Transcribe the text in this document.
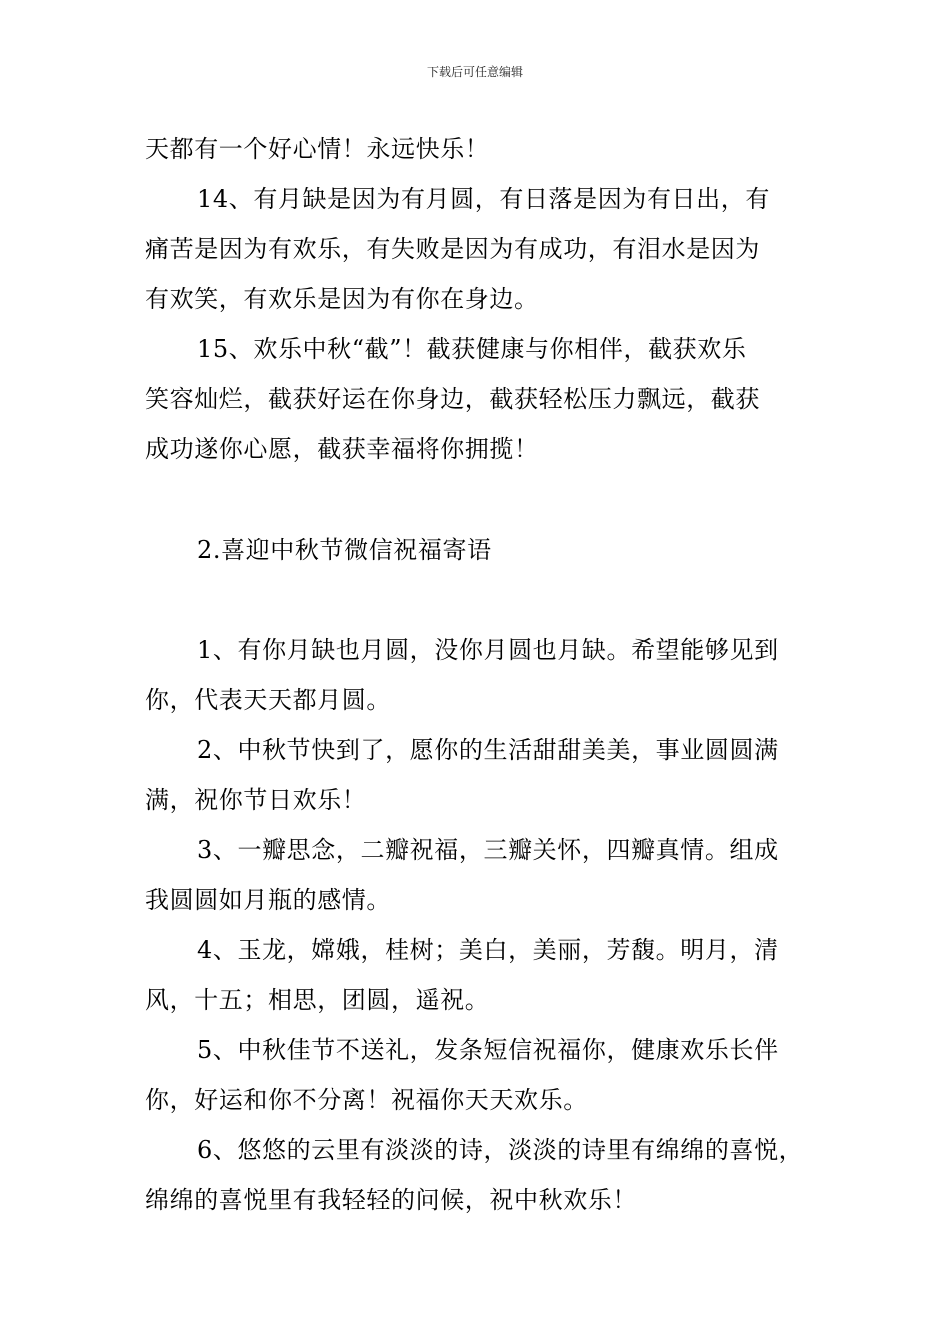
下载后可任意编辑
天都有一个好心情！永远快乐！
14、有月缺是因为有月圆，有日落是因为有日出，有
痛苦是因为有欢乐，有失败是因为有成功，有泪水是因为
有欢笑，有欢乐是因为有你在身边。
15、欢乐中秋“截”！截获健康与你相伴，截获欢乐
笑容灿烂，截获好运在你身边，截获轻松压力飘远，截获
成功遂你心愿，截获幸福将你拥揽！
2.喜迎中秋节微信祝福寄语
1、有你月缺也月圆，没你月圆也月缺。希望能够见到
你，代表天天都月圆。
2、中秋节快到了，愿你的生活甜甜美美，事业圆圆满
满，祝你节日欢乐！
3、一瓣思念，二瓣祝福，三瓣关怀，四瓣真情。组成
我圆圆如月瓶的感情。
4、玉龙，嫦娥，桂树；美白，美丽，芳馥。明月，清
风，十五；相思，团圆，遥祝。
5、中秋佳节不送礼，发条短信祝福你，健康欢乐长伴
你，好运和你不分离！祝福你天天欢乐。
6、悠悠的云里有淡淡的诗，淡淡的诗里有绵绵的喜悦，
绵绵的喜悦里有我轻轻的问候，祝中秋欢乐！
